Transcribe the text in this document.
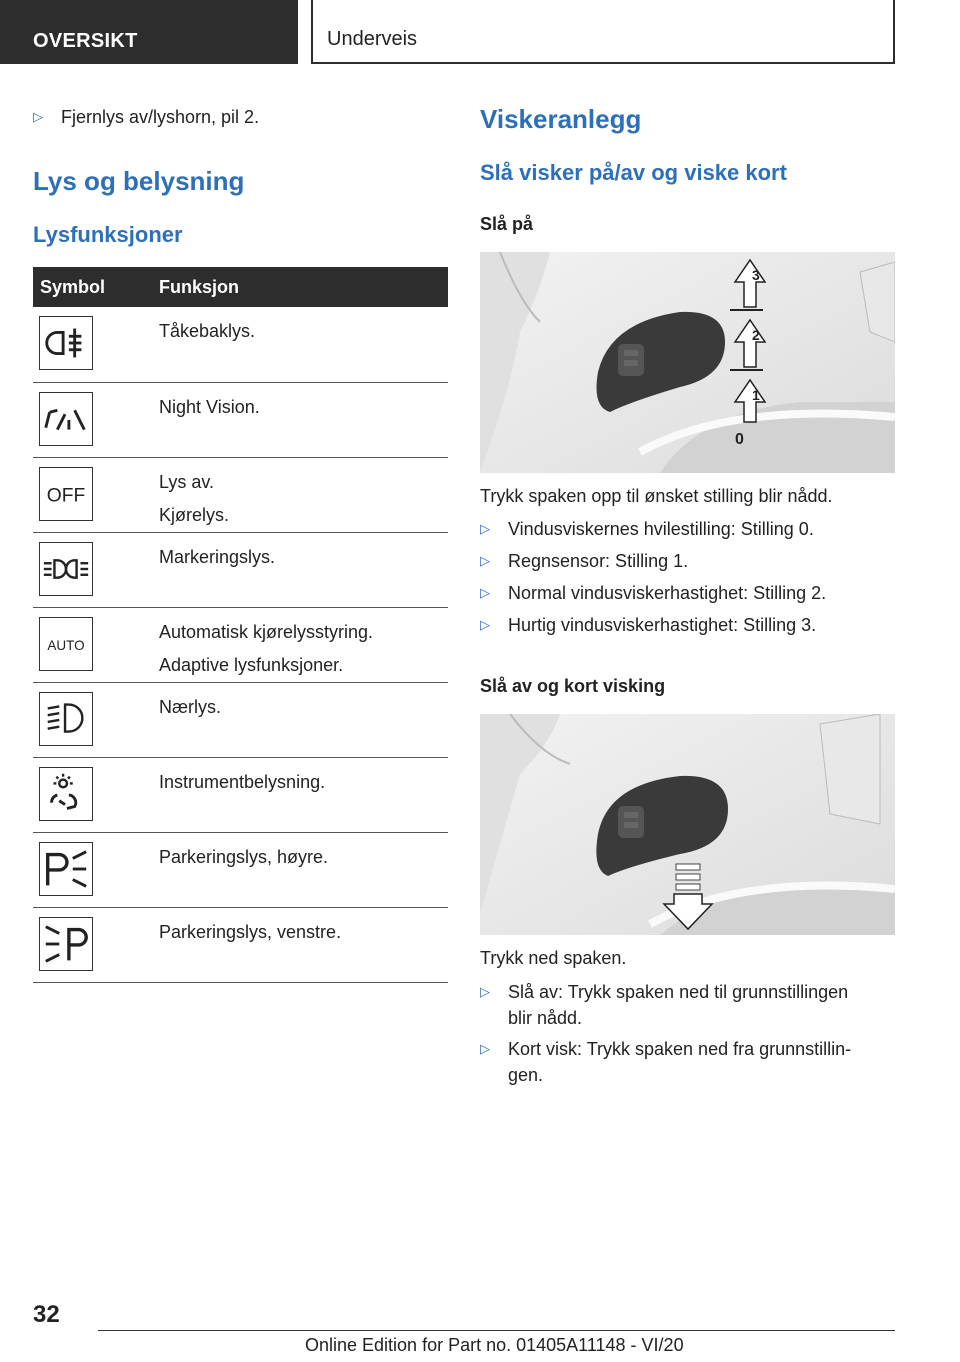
OVERSIKT	Underveis
▷ Fjernlys av/lyshorn, pil 2.
Lys og belysning
Lysfunksjoner
Symbol	Funksjon

Tåkebaklys.

Night Vision.

OFF	Lys av.
Kjørelys.

Markeringslys.

AUTO	Automatisk kjørelysstyring.
Adaptive lysfunksjoner.

Nærlys.

Instrumentbelysning.

Parkeringslys, høyre.

Parkeringslys, venstre.
Viskeranlegg
Slå visker på/av og viske kort
Slå på
3
2
1
0
Trykk spaken opp til ønsket stilling blir nådd.
▷ Vindusviskernes hvilestilling: Stilling 0.
▷ Regnsensor: Stilling 1.
▷ Normal vindusviskerhastighet: Stilling 2.
▷ Hurtig vindusviskerhastighet: Stilling 3.
Slå av og kort visking
Trykk ned spaken.
▷ Slå av: Trykk spaken ned til grunnstillingen
blir nådd.
▷ Kort visk: Trykk spaken ned fra grunnstillin-
gen.
32
Online Edition for Part no. 01405A11148 - VI/20
